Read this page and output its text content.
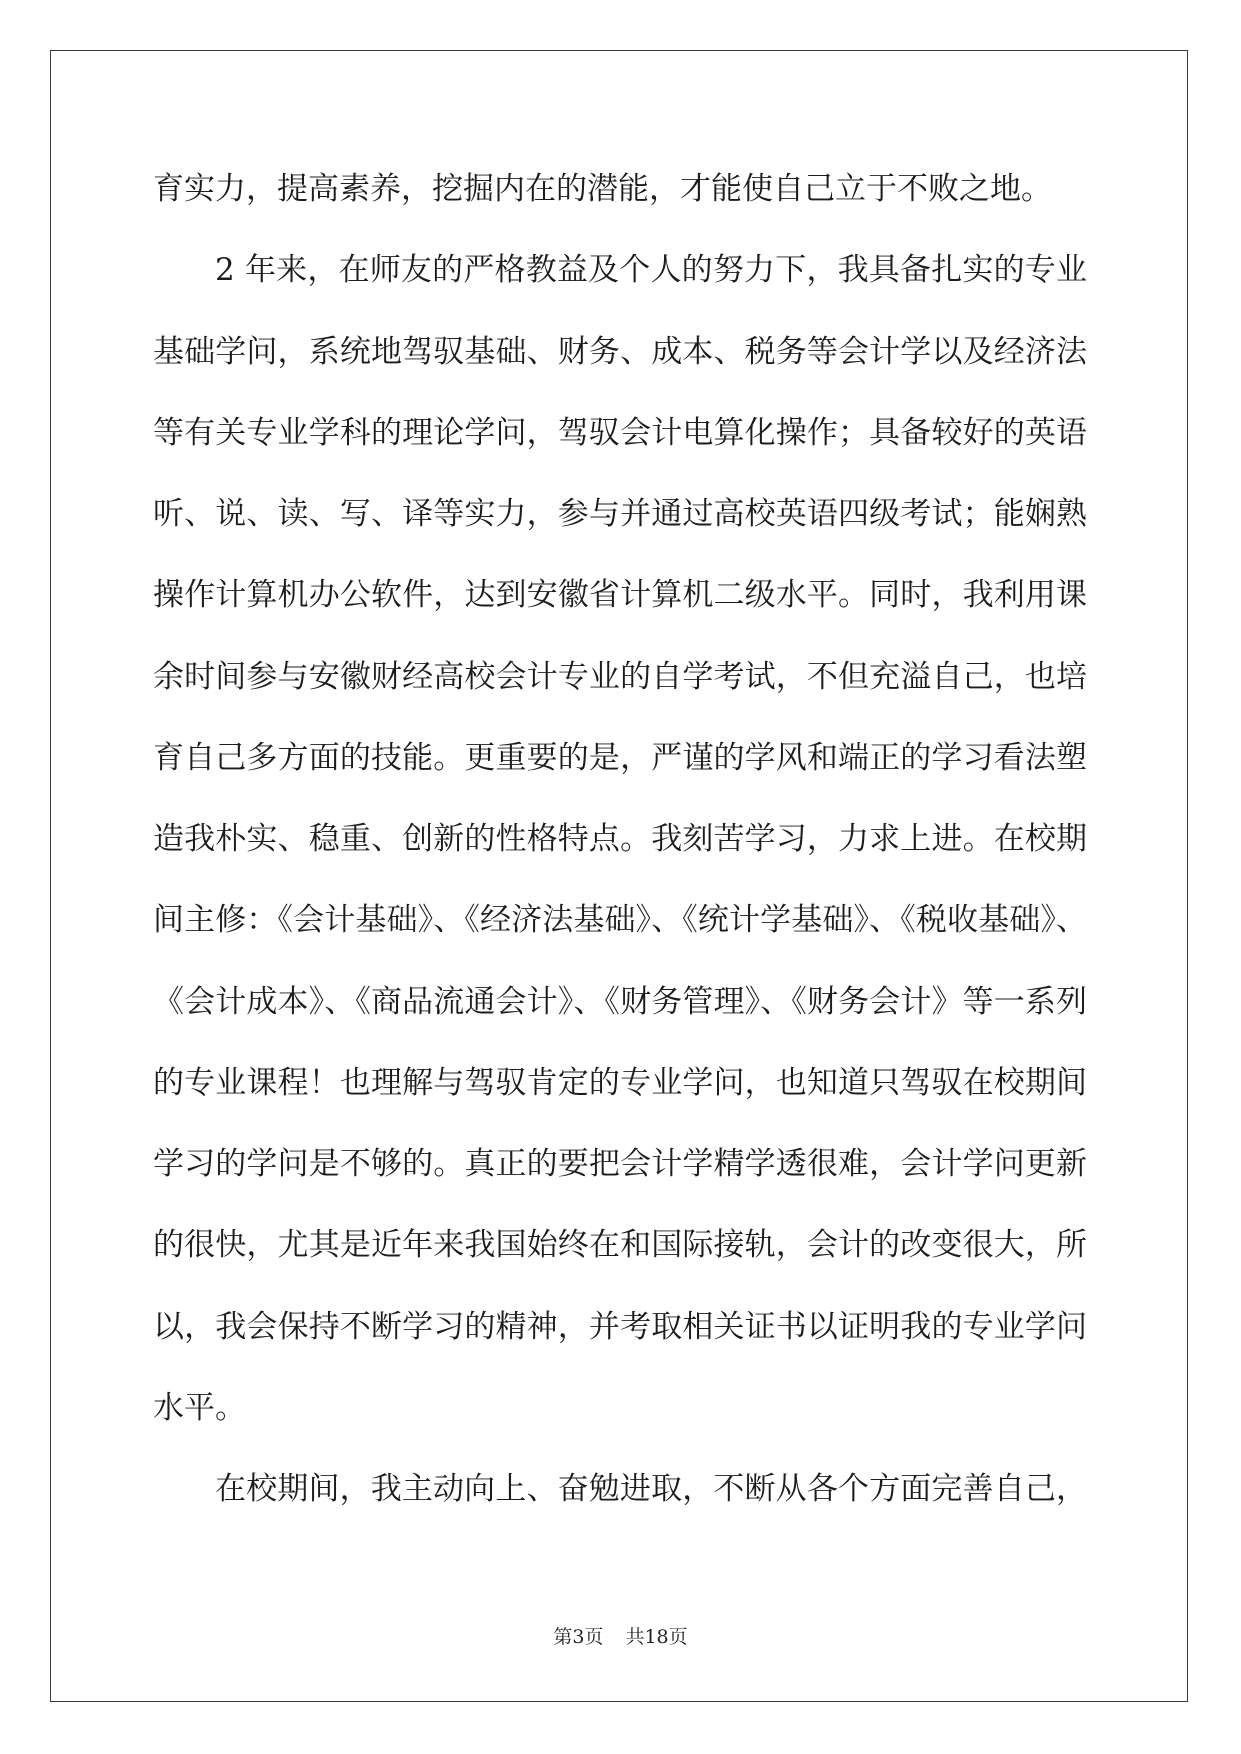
育实力，提高素养，挖掘内在的潜能，才能使自己立于不败之地。
2 年来，在师友的严格教益及个人的努力下，我具备扎实的专业
基础学问，系统地驾驭基础、财务、成本、税务等会计学以及经济法
等有关专业学科的理论学问，驾驭会计电算化操作；具备较好的英语
听、说、读、写、译等实力，参与并通过高校英语四级考试；能娴熟
操作计算机办公软件，达到安徽省计算机二级水平。同时，我利用课
余时间参与安徽财经高校会计专业的自学考试，不但充溢自己，也培
育自己多方面的技能。更重要的是，严谨的学风和端正的学习看法塑
造我朴实、稳重、创新的性格特点。我刻苦学习，力求上进。在校期
间主修：《会计基础》、《经济法基础》、《统计学基础》、《税收基础》、
《会计成本》、《商品流通会计》、《财务管理》、《财务会计》等一系列
的专业课程！也理解与驾驭肯定的专业学问，也知道只驾驭在校期间
学习的学问是不够的。真正的要把会计学精学透很难，会计学问更新
的很快，尤其是近年来我国始终在和国际接轨，会计的改变很大，所
以，我会保持不断学习的精神，并考取相关证书以证明我的专业学问
水平。
在校期间，我主动向上、奋勉进取，不断从各个方面完善自己，
第3页 共18页
